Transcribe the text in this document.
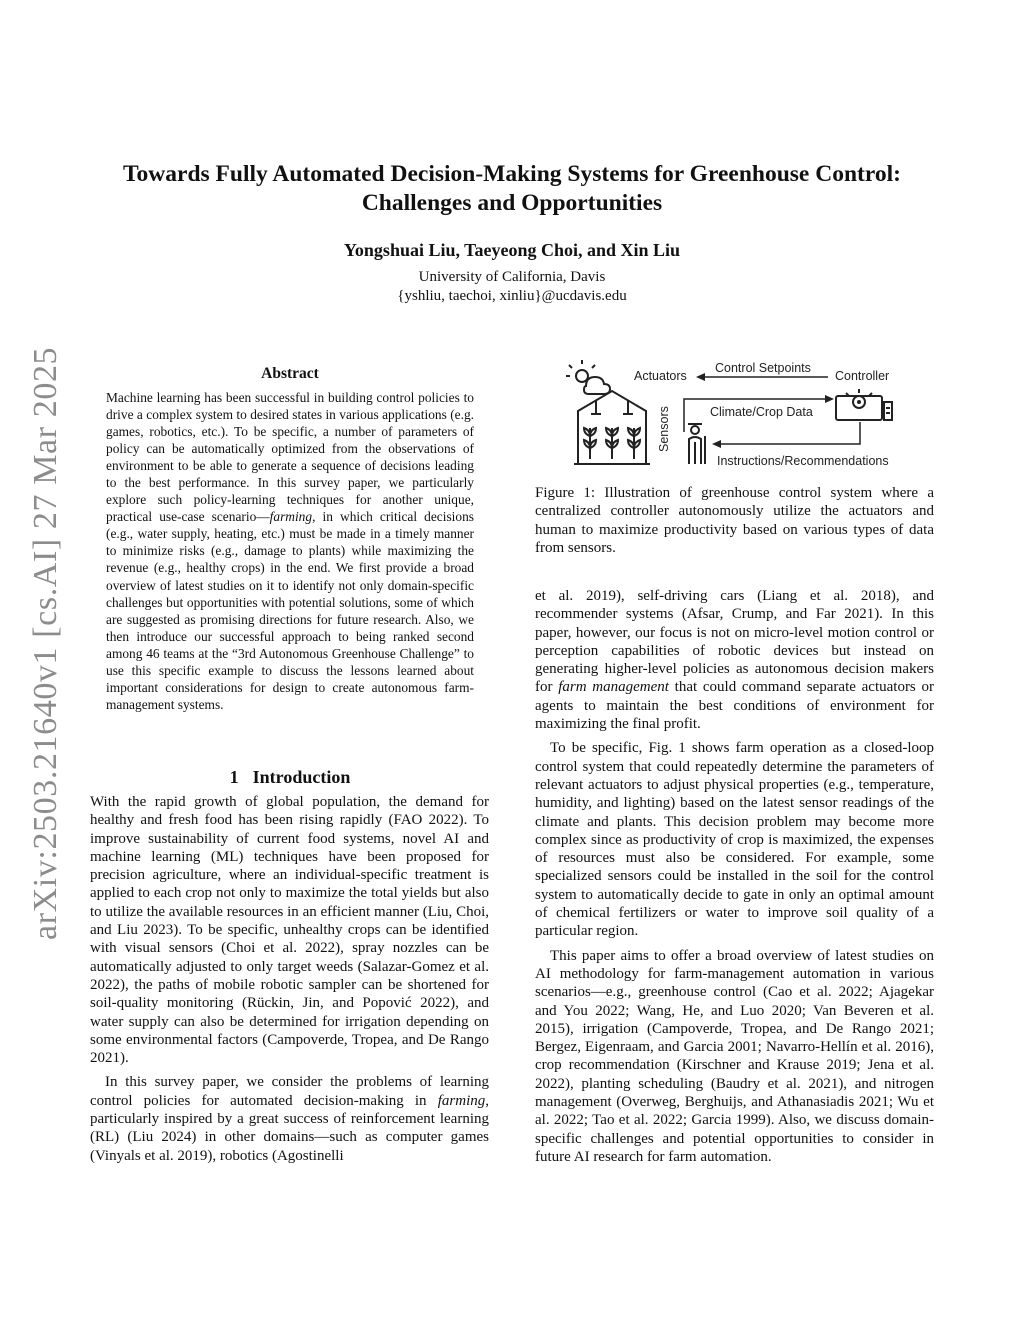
arXiv:2503.21640v1 [cs.AI] 27 Mar 2025
Towards Fully Automated Decision-Making Systems for Greenhouse Control:
Challenges and Opportunities
Yongshuai Liu, Taeyeong Choi, and Xin Liu
University of California, Davis
{yshliu, taechoi, xinliu}@ucdavis.edu
Abstract
Machine learning has been successful in building control policies to drive a complex system to desired states in various applications (e.g. games, robotics, etc.). To be specific, a number of parameters of policy can be automatically optimized from the observations of environment to be able to generate a sequence of decisions leading to the best performance. In this survey paper, we particularly explore such policy-learning techniques for another unique, practical use-case scenario—farming, in which critical decisions (e.g., water supply, heating, etc.) must be made in a timely manner to minimize risks (e.g., damage to plants) while maximizing the revenue (e.g., healthy crops) in the end. We first provide a broad overview of latest studies on it to identify not only domain-specific challenges but opportunities with potential solutions, some of which are suggested as promising directions for future research. Also, we then introduce our successful approach to being ranked second among 46 teams at the “3rd Autonomous Greenhouse Challenge” to use this specific example to discuss the lessons learned about important considerations for design to create autonomous farm-management systems.
1 Introduction

With the rapid growth of global population, the demand for healthy and fresh food has been rising rapidly (FAO 2022). To improve sustainability of current food systems, novel AI and machine learning (ML) techniques have been proposed for precision agriculture, where an individual-specific treatment is applied to each crop not only to maximize the total yields but also to utilize the available resources in an efficient manner (Liu, Choi, and Liu 2023). To be specific, unhealthy crops can be identified with visual sensors (Choi et al. 2022), spray nozzles can be automatically adjusted to only target weeds (Salazar-Gomez et al. 2022), the paths of mobile robotic sampler can be shortened for soil-quality monitoring (Rückin, Jin, and Popović 2022), and water supply can also be determined for irrigation depending on some environmental factors (Campoverde, Tropea, and De Rango 2021).

In this survey paper, we consider the problems of learning control policies for automated decision-making in farming, particularly inspired by a great success of reinforcement learning (RL) (Liu 2024) in other domains—such as computer games (Vinyals et al. 2019), robotics (Agostinelli

Sensors
Actuators
Control Setpoints
Controller
Climate/Crop Data
Instructions/Recommendations
Figure 1: Illustration of greenhouse control system where a centralized controller autonomously utilize the actuators and human to maximize productivity based on various types of data from sensors.

et al. 2019), self-driving cars (Liang et al. 2018), and recommender systems (Afsar, Crump, and Far 2021). In this paper, however, our focus is not on micro-level motion control or perception capabilities of robotic devices but instead on generating higher-level policies as autonomous decision makers for farm management that could command separate actuators or agents to maintain the best conditions of environment for maximizing the final profit.

To be specific, Fig. 1 shows farm operation as a closed-loop control system that could repeatedly determine the parameters of relevant actuators to adjust physical properties (e.g., temperature, humidity, and lighting) based on the latest sensor readings of the climate and plants. This decision problem may become more complex since as productivity of crop is maximized, the expenses of resources must also be considered. For example, some specialized sensors could be installed in the soil for the control system to automatically decide to gate in only an optimal amount of chemical fertilizers or water to improve soil quality of a particular region.

This paper aims to offer a broad overview of latest studies on AI methodology for farm-management automation in various scenarios—e.g., greenhouse control (Cao et al. 2022; Ajagekar and You 2022; Wang, He, and Luo 2020; Van Beveren et al. 2015), irrigation (Campoverde, Tropea, and De Rango 2021; Bergez, Eigenraam, and Garcia 2001; Navarro-Hellín et al. 2016), crop recommendation (Kirschner and Krause 2019; Jena et al. 2022), planting scheduling (Baudry et al. 2021), and nitrogen management (Overweg, Berghuijs, and Athanasiadis 2021; Wu et al. 2022; Tao et al. 2022; Garcia 1999). Also, we discuss domain-specific challenges and potential opportunities to consider in future AI research for farm automation.
